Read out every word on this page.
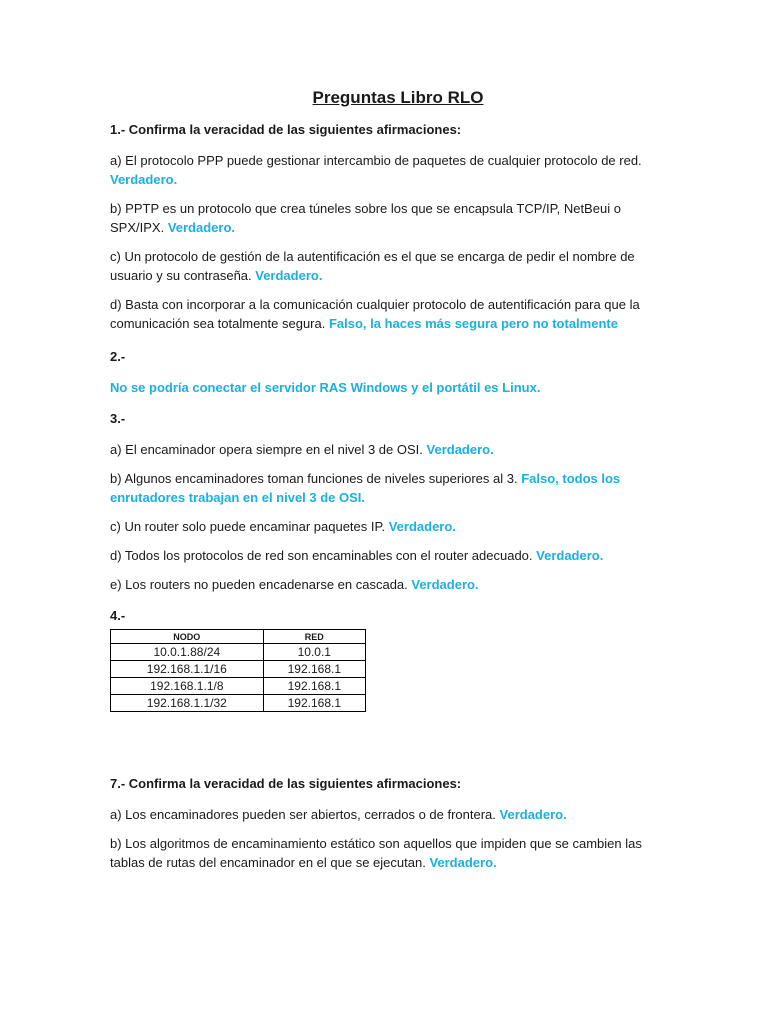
Preguntas Libro RLO
1.- Confirma la veracidad de las siguientes afirmaciones:
a) El protocolo PPP puede gestionar intercambio de paquetes de cualquier protocolo de red. Verdadero.
b) PPTP es un protocolo que crea túneles sobre los que se encapsula TCP/IP, NetBeui o SPX/IPX. Verdadero.
c) Un protocolo de gestión de la autentificación es el que se encarga de pedir el nombre de usuario y su contraseña. Verdadero.
d) Basta con incorporar a la comunicación cualquier protocolo de autentificación para que la comunicación sea totalmente segura. Falso, la haces más segura pero no totalmente
2.-
No se podría conectar el servidor RAS Windows y el portátil es Linux.
3.-
a) El encaminador opera siempre en el nivel 3 de OSI. Verdadero.
b) Algunos encaminadores toman funciones de niveles superiores al 3. Falso, todos los enrutadores trabajan en el nivel 3 de OSI.
c) Un router solo puede encaminar paquetes IP. Verdadero.
d) Todos los protocolos de red son encaminables con el router adecuado. Verdadero.
e) Los routers no pueden encadenarse en cascada. Verdadero.
4.-
NODO	RED
10.0.1.88/24	10.0.1
192.168.1.1/16	192.168.1
192.168.1.1/8	192.168.1
192.168.1.1/32	192.168.1
7.- Confirma la veracidad de las siguientes afirmaciones:
a) Los encaminadores pueden ser abiertos, cerrados o de frontera. Verdadero.
b) Los algoritmos de encaminamiento estático son aquellos que impiden que se cambien las tablas de rutas del encaminador en el que se ejecutan. Verdadero.
